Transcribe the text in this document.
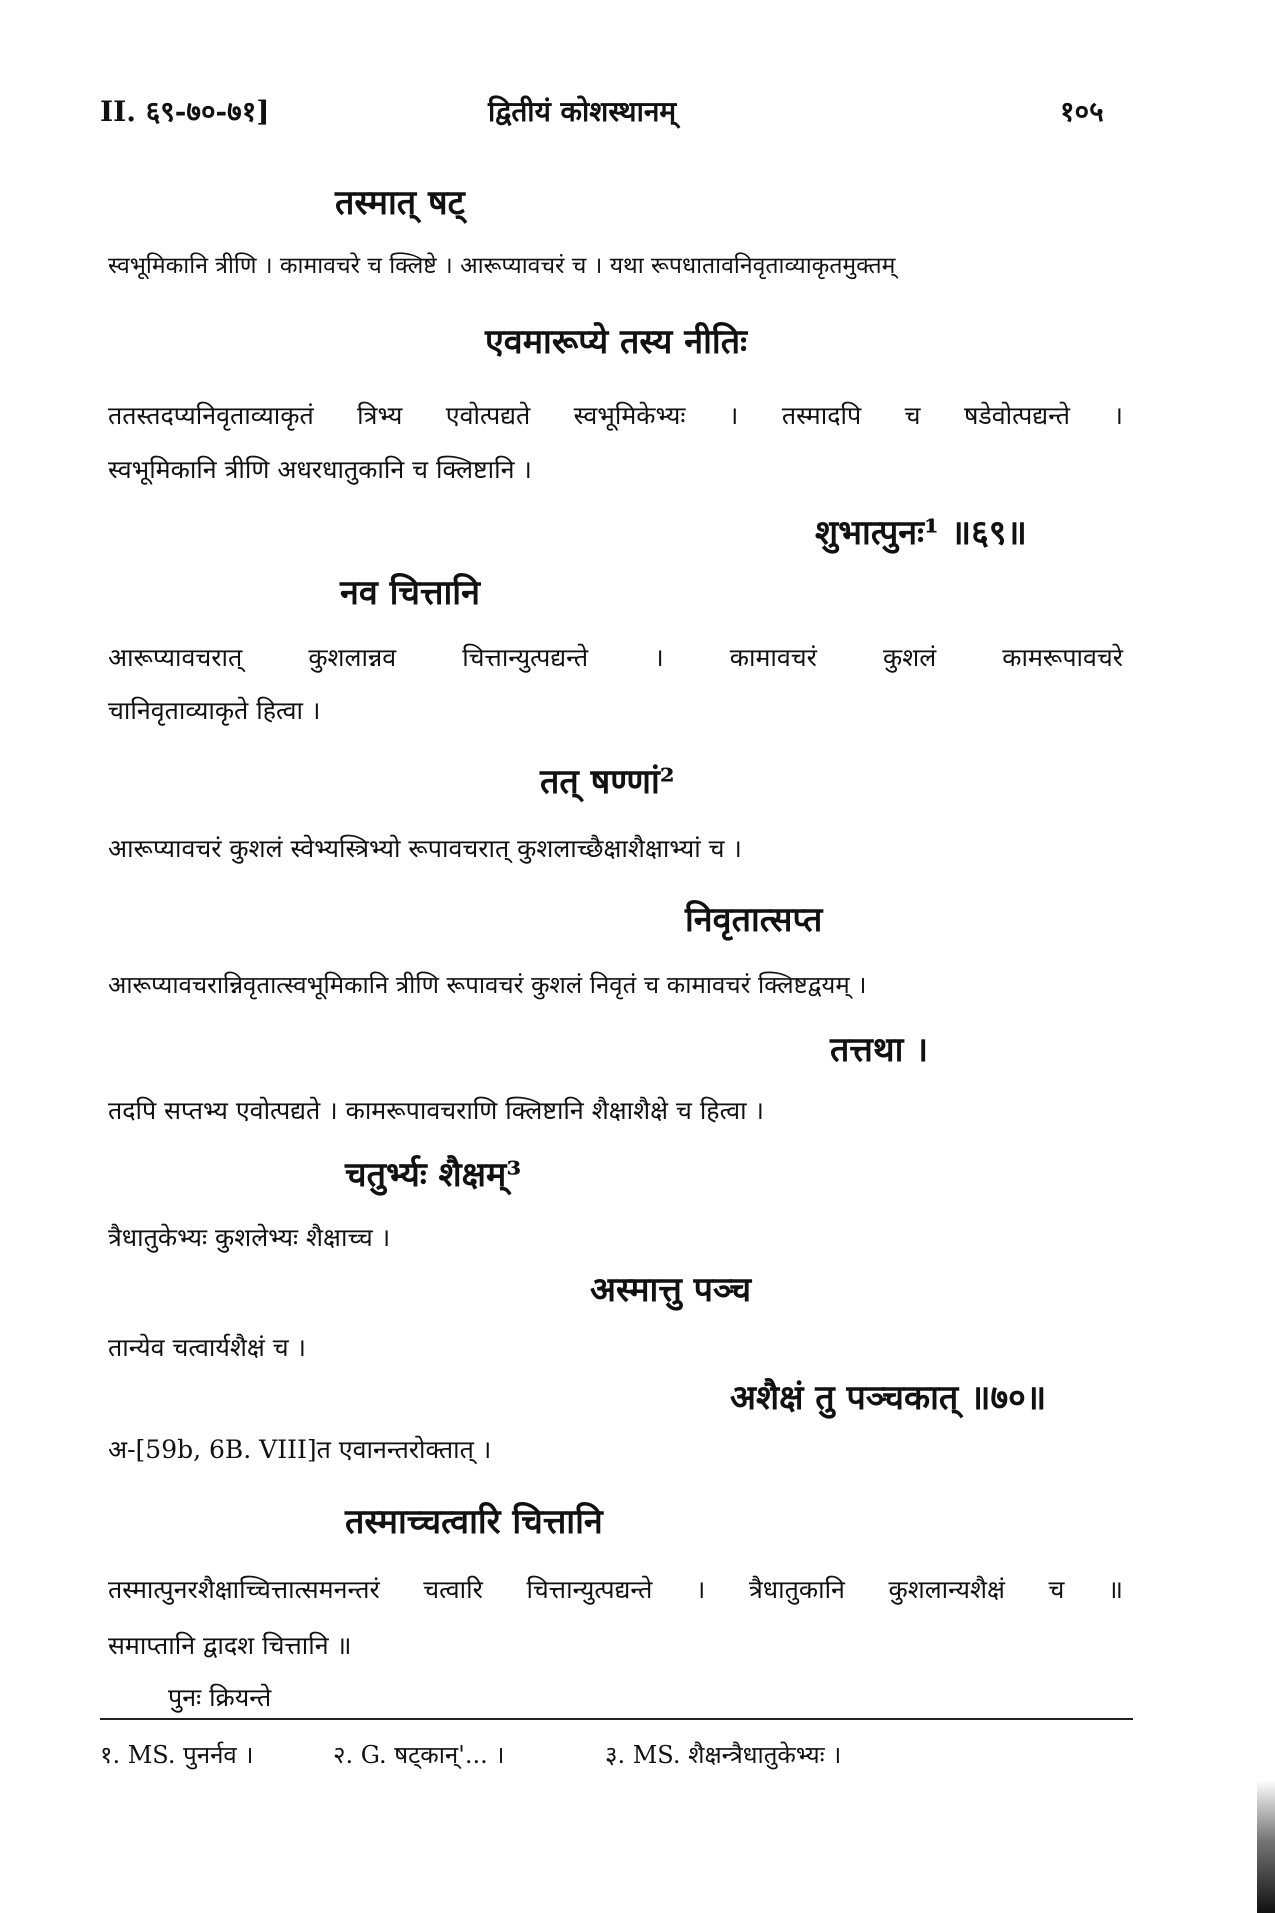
II. ६९-७०-७१]	द्वितीयं कोशस्थानम्	१०५
तस्मात् षट्
स्वभूमिकानि त्रीणि । कामावचरे च क्लिष्टे । आरूप्यावचरं च । यथा रूपधातावनिवृताव्याकृतमुक्तम्
एवमारूप्ये तस्य नीतिः
ततस्तदप्यनिवृताव्याकृतं त्रिभ्य एवोत्पद्यते स्वभूमिकेभ्यः । तस्मादपि च षडेवोत्पद्यन्ते ।
स्वभूमिकानि त्रीणि अधरधातुकानि च क्लिष्टानि ।
शुभात्पुनः¹ ॥६९॥
नव चित्तानि
आरूप्यावचरात् कुशलान्नव चित्तान्युत्पद्यन्ते । कामावचरं कुशलं कामरूपावचरे
चानिवृताव्याकृते हित्वा ।
तत् षण्णां²
आरूप्यावचरं कुशलं स्वेभ्यस्त्रिभ्यो रूपावचरात् कुशलाच्छैक्षाशैक्षाभ्यां च ।
निवृतात्सप्त
आरूप्यावचरान्निवृतात्स्वभूमिकानि त्रीणि रूपावचरं कुशलं निवृतं च कामावचरं क्लिष्टद्वयम् ।
तत्तथा ।
तदपि सप्तभ्य एवोत्पद्यते । कामरूपावचराणि क्लिष्टानि शैक्षाशैक्षे च हित्वा ।
चतुर्भ्यः शैक्षम्³
त्रैधातुकेभ्यः कुशलेभ्यः शैक्षाच्च ।
अस्मात्तु पञ्च
तान्येव चत्वार्यशैक्षं च ।
अशैक्षं तु पञ्चकात् ॥७०॥
अ-[59b, 6B. VIII]त एवानन्तरोक्तात् ।
तस्माच्चत्वारि चित्तानि
तस्मात्पुनरशैक्षाच्चित्तात्समनन्तरं चत्वारि चित्तान्युत्पद्यन्ते । त्रैधातुकानि कुशलान्यशैक्षं च ॥
समाप्तानि द्वादश चित्तानि ॥
पुनः क्रियन्ते
१. MS. पुनर्नव ।	२. G. षट्कान्'... ।	३. MS. शैक्षन्त्रैधातुकेभ्यः ।
